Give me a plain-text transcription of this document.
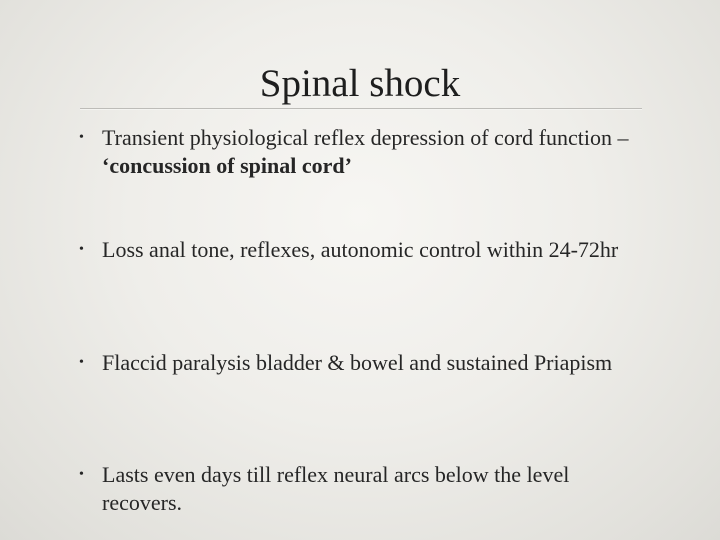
Spinal shock
• Transient physiological reflex depression of cord function – ‘concussion of spinal cord’
• Loss anal tone, reflexes, autonomic control within 24-72hr
• Flaccid paralysis bladder & bowel and sustained Priapism
• Lasts even days till reflex neural arcs below the level recovers.
